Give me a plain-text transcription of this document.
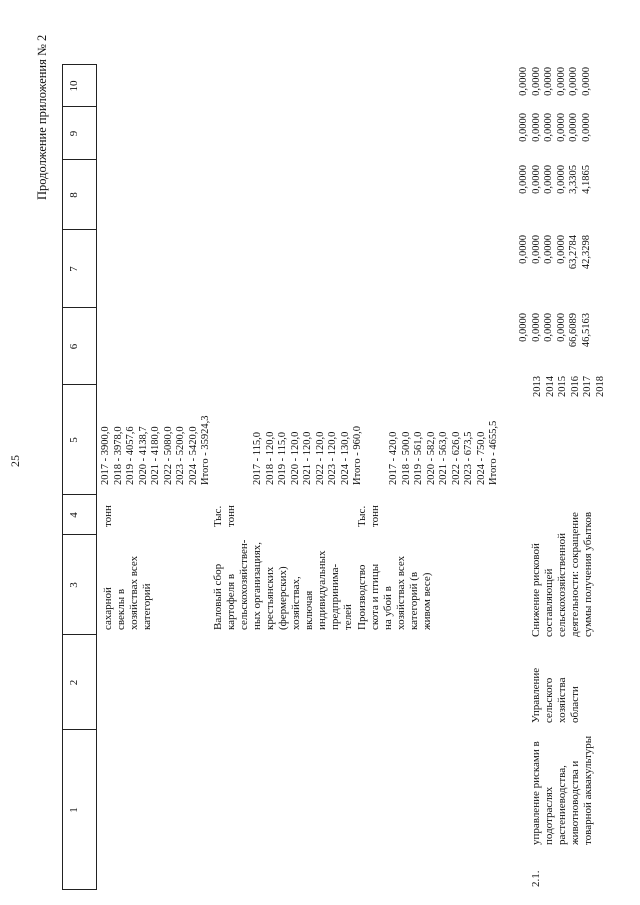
25
Продолжение приложения № 2
1
2
3
4
5
6
7
8
9
10
сахарной свеклы в хозяйствах всех категорий
тонн
2017 - 3900,0 2018 - 3978,0 2019 - 4057,6 2020 - 4138,7 2021 - 4180,0 2022 - 5080,0 2023 - 5200,0 2024 - 5420,0 Итого - 35924,3
Валовый сбор картофеля в сельскохозяйствен- ных организациях, крестьянских (фермерских) хозяйствах, включая индивидуальных предпринима- телей
Тыс. тонн
2017 - 115,0 2018 - 120,0 2019 - 115,0 2020 - 120,0 2021 - 120,0 2022 - 120,0 2023 - 120,0 2024 - 130,0 Итого - 960,0
Производство скота и птицы на убой в хозяйствах всех категорий (в живом весе)
Тыс. тонн
2017 - 420,0 2018 - 500,0 2019 - 561,0 2020 - 582,0 2021 - 563,0 2022 - 626,0 2023 - 673,5 2024 - 750,0 Итого - 4655,5
2.1.
управление рисками в подотраслях растениеводства, животноводства и товарной аквакультуры
Управление сельского хозяйства области
Снижение рисковой составляющей сельскохозяйственной деятельности: сокращение суммы получения убытков
2013 2014 2015 2016 2017 2018
0,0000 0,0000 0,0000 0,0000 66,6089 46,5163
0,0000 0,0000 0,0000 0,0000 63,2784 42,3298
0,0000 0,0000 0,0000 0,0000 3,3305 4,1865
0,0000 0,0000 0,0000 0,0000 0,0000 0,0000
0,0000 0,0000 0,0000 0,0000 0,0000 0,0000
